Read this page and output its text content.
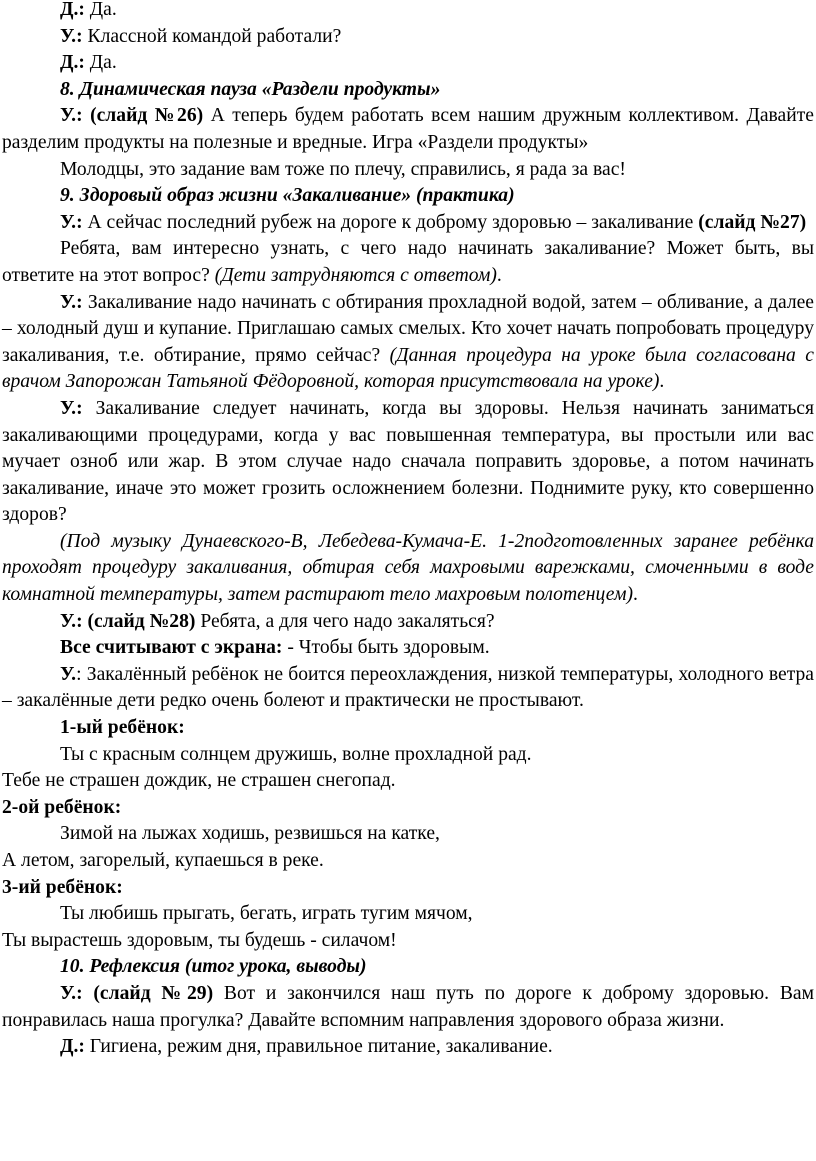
Д.: Да.

У.: Классной командой работали?

Д.: Да.

8. Динамическая пауза «Раздели продукты»

У.: (слайд №26) А теперь будем работать всем нашим дружным коллективом. Давайте разделим продукты на полезные и вредные. Игра «Раздели продукты»

Молодцы, это задание вам тоже по плечу, справились, я рада за вас!

9. Здоровый образ жизни «Закаливание» (практика)

У.: А сейчас последний рубеж на дороге к доброму здоровью – закаливание (слайд №27)

Ребята, вам интересно узнать, с чего надо начинать закаливание? Может быть, вы ответите на этот вопрос? (Дети затрудняются с ответом).

У.: Закаливание надо начинать с обтирания прохладной водой, затем – обливание, а далее – холодный душ и купание. Приглашаю самых смелых. Кто хочет начать попробовать процедуру закаливания, т.е. обтирание, прямо сейчас? (Данная процедура на уроке была согласована с врачом Запорожан Татьяной Фёдоровной, которая присутствовала на уроке).

У.: Закаливание следует начинать, когда вы здоровы. Нельзя начинать заниматься закаливающими процедурами, когда у вас повышенная температура, вы простыли или вас мучает озноб или жар. В этом случае надо сначала поправить здоровье, а потом начинать закаливание, иначе это может грозить осложнением болезни. Поднимите руку, кто совершенно здоров?

(Под музыку Дунаевского-В, Лебедева-Кумача-Е. 1-2подготовленных заранее ребёнка проходят процедуру закаливания, обтирая себя махровыми варежками, смоченными в воде комнатной температуры, затем растирают тело махровым полотенцем).

У.: (слайд №28) Ребята, а для чего надо закаляться?

Все считывают с экрана: - Чтобы быть здоровым.

У.: Закалённый ребёнок не боится переохлаждения, низкой температуры, холодного ветра – закалённые дети редко очень болеют и практически не простывают.

1-ый ребёнок:

Ты с красным солнцем дружишь, волне прохладной рад.

Тебе не страшен дождик, не страшен снегопад.

2-ой ребёнок:

Зимой на лыжах ходишь, резвишься на катке,

А летом, загорелый, купаешься в реке.

3-ий ребёнок:

Ты любишь прыгать, бегать, играть тугим мячом,

Ты вырастешь здоровым, ты будешь - силачом!

10. Рефлексия (итог урока, выводы)

У.: (слайд №29) Вот и закончился наш путь по дороге к доброму здоровью. Вам понравилась наша прогулка? Давайте вспомним направления здорового образа жизни.

Д.: Гигиена, режим дня, правильное питание, закаливание.
